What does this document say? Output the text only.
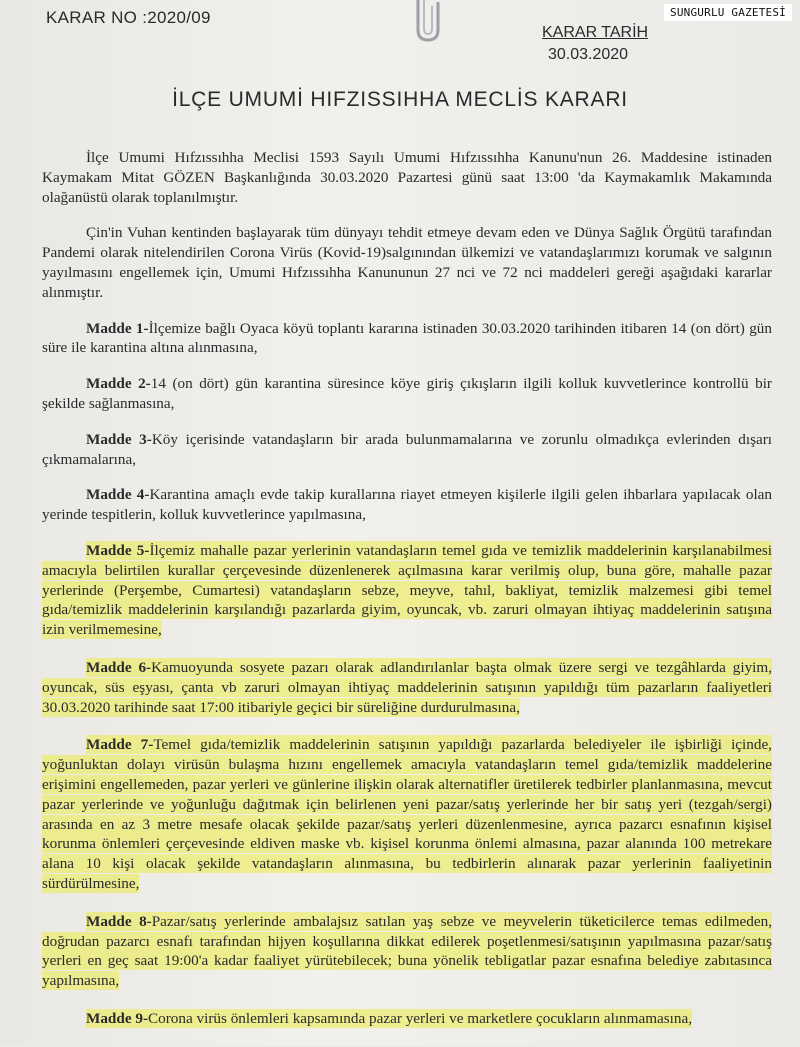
KARAR NO :2020/09	SUNGURLU GAZETESİ
KARAR TARİH
30.03.2020
İLÇE UMUMİ HIFZISSIHHA MECLİS KARARI

İlçe Umumi Hıfzıssıhha Meclisi 1593 Sayılı Umumi Hıfzıssıhha Kanunu'nun 26. Maddesine istinaden Kaymakam Mitat GÖZEN Başkanlığında 30.03.2020 Pazartesi günü saat 13:00 'da Kaymakamlık Makamında olağanüstü olarak toplanılmıştır.

Çin'in Vuhan kentinden başlayarak tüm dünyayı tehdit etmeye devam eden ve Dünya Sağlık Örgütü tarafından Pandemi olarak nitelendirilen Corona Virüs (Kovid-19)salgınından ülkemizi ve vatandaşlarımızı korumak ve salgının yayılmasını engellemek için, Umumi Hıfzıssıhha Kanununun 27 nci ve 72 nci maddeleri gereği aşağıdaki kararlar alınmıştır.

Madde 1-İlçemize bağlı Oyaca köyü toplantı kararına istinaden 30.03.2020 tarihinden itibaren 14 (on dört) gün süre ile karantina altına alınmasına,

Madde 2-14 (on dört) gün karantina süresince köye giriş çıkışların ilgili kolluk kuvvetlerince kontrollü bir şekilde sağlanmasına,

Madde 3-Köy içerisinde vatandaşların bir arada bulunmamalarına ve zorunlu olmadıkça evlerinden dışarı çıkmamalarına,

Madde 4-Karantina amaçlı evde takip kurallarına riayet etmeyen kişilerle ilgili gelen ihbarlara yapılacak olan yerinde tespitlerin, kolluk kuvvetlerince yapılmasına,

Madde 5-İlçemiz mahalle pazar yerlerinin vatandaşların temel gıda ve temizlik maddelerinin karşılanabilmesi amacıyla belirtilen kurallar çerçevesinde düzenlenerek açılmasına karar verilmiş olup, buna göre, mahalle pazar yerlerinde (Perşembe, Cumartesi) vatandaşların sebze, meyve, tahıl, bakliyat, temizlik malzemesi gibi temel gıda/temizlik maddelerinin karşılandığı pazarlarda giyim, oyuncak, vb. zaruri olmayan ihtiyaç maddelerinin satışına izin verilmemesine,

Madde 6-Kamuoyunda sosyete pazarı olarak adlandırılanlar başta olmak üzere sergi ve tezgâhlarda giyim, oyuncak, süs eşyası, çanta vb zaruri olmayan ihtiyaç maddelerinin satışının yapıldığı tüm pazarların faaliyetleri 30.03.2020 tarihinde saat 17:00 itibariyle geçici bir süreliğine durdurulmasına,

Madde 7-Temel gıda/temizlik maddelerinin satışının yapıldığı pazarlarda belediyeler ile işbirliği içinde, yoğunluktan dolayı virüsün bulaşma hızını engellemek amacıyla vatandaşların temel gıda/temizlik maddelerine erişimini engellemeden, pazar yerleri ve günlerine ilişkin olarak alternatifler üretilerek tedbirler planlanmasına, mevcut pazar yerlerinde ve yoğunluğu dağıtmak için belirlenen yeni pazar/satış yerlerinde her bir satış yeri (tezgah/sergi) arasında en az 3 metre mesafe olacak şekilde pazar/satış yerleri düzenlenmesine, ayrıca pazarcı esnafının kişisel korunma önlemleri çerçevesinde eldiven maske vb. kişisel korunma önlemi almasına, pazar alanında 100 metrekare alana 10 kişi olacak şekilde vatandaşların alınmasına, bu tedbirlerin alınarak pazar yerlerinin faaliyetinin sürdürülmesine,

Madde 8-Pazar/satış yerlerinde ambalajsız satılan yaş sebze ve meyvelerin tüketicilerce temas edilmeden, doğrudan pazarcı esnafı tarafından hijyen koşullarına dikkat edilerek poşetlenmesi/satışının yapılmasına pazar/satış yerleri en geç saat 19:00'a kadar faaliyet yürütebilecek; buna yönelik tebligatlar pazar esnafına belediye zabıtasınca yapılmasına,

Madde 9-Corona virüs önlemleri kapsamında pazar yerleri ve marketlere çocukların alınmamasına,
